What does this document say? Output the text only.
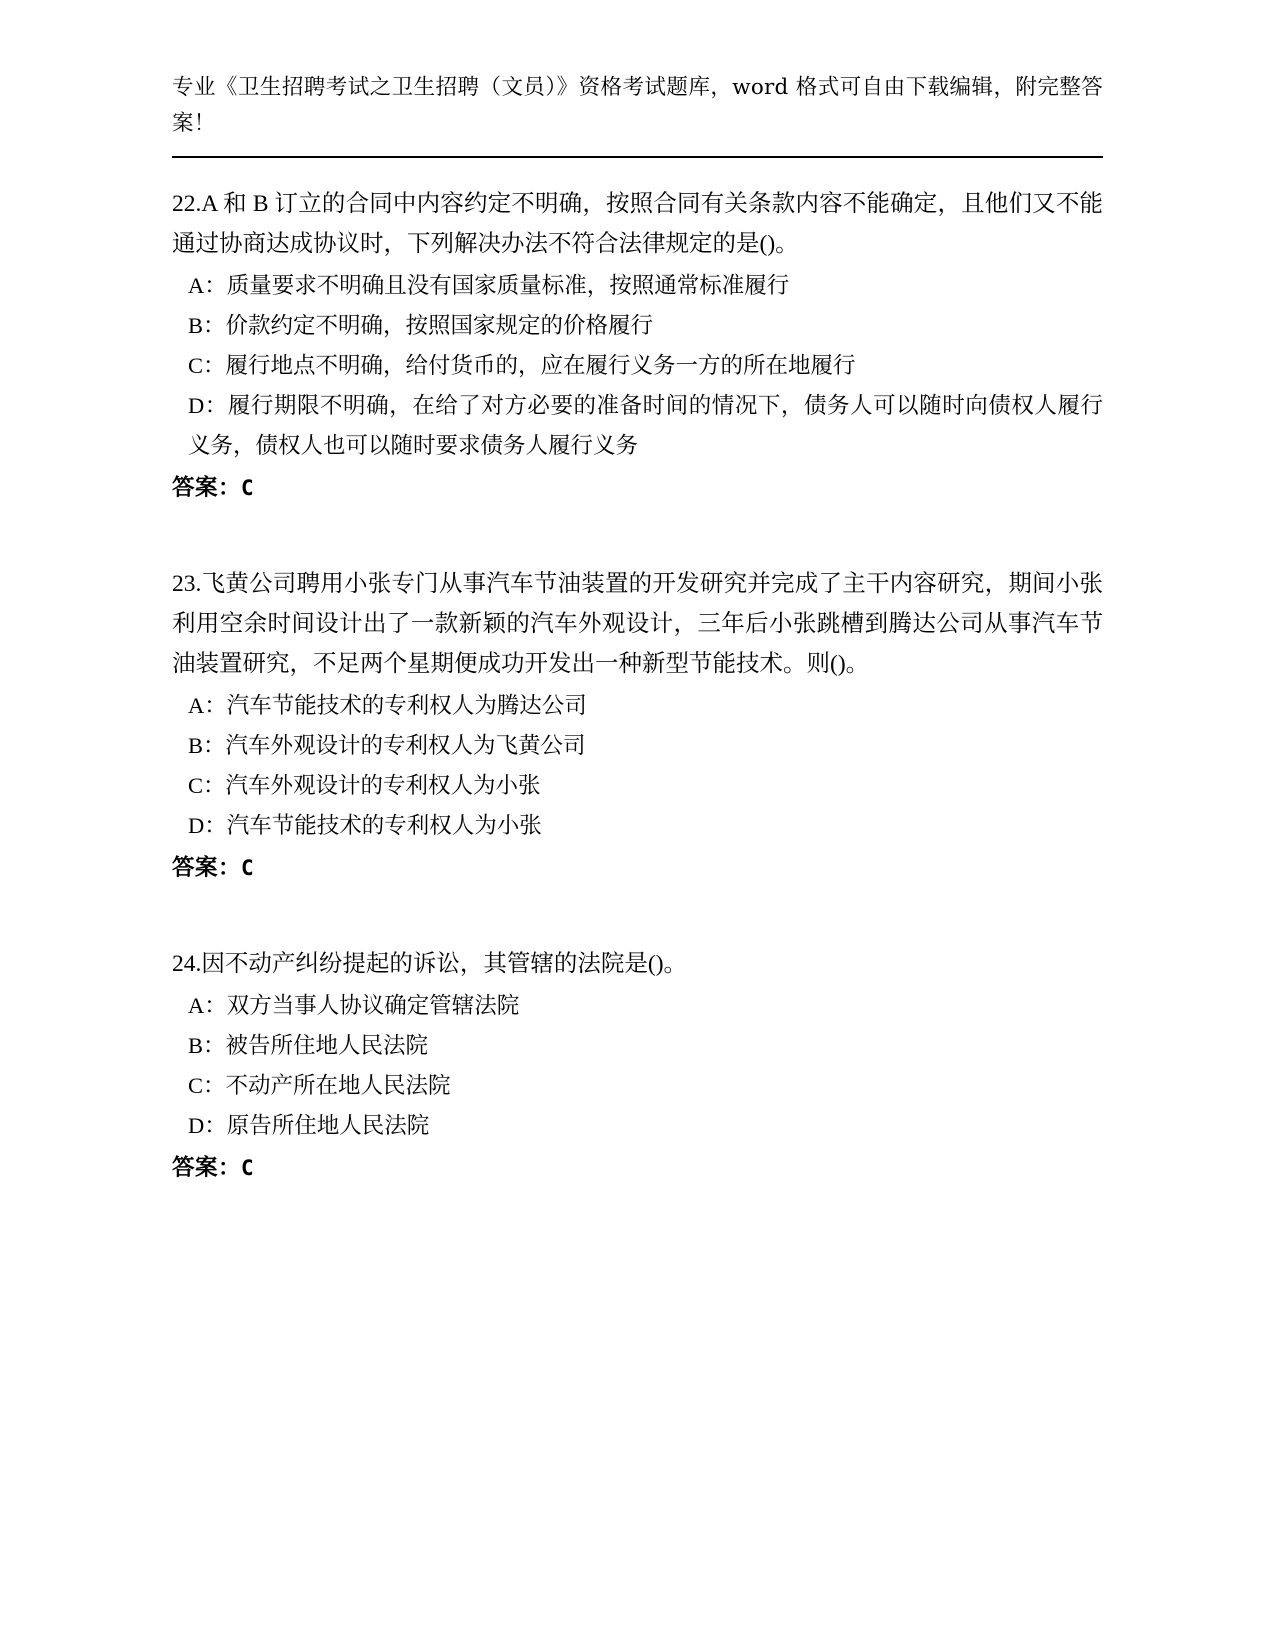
专业《卫生招聘考试之卫生招聘（文员）》资格考试题库，word 格式可自由下载编辑，附完整答案！
22.A 和 B 订立的合同中内容约定不明确，按照合同有关条款内容不能确定，且他们又不能通过协商达成协议时，下列解决办法不符合法律规定的是()。
A：质量要求不明确且没有国家质量标准，按照通常标准履行
B：价款约定不明确，按照国家规定的价格履行
C：履行地点不明确，给付货币的，应在履行义务一方的所在地履行
D：履行期限不明确，在给了对方必要的准备时间的情况下，债务人可以随时向债权人履行义务，债权人也可以随时要求债务人履行义务
答案：C
23.飞黄公司聘用小张专门从事汽车节油装置的开发研究并完成了主干内容研究，期间小张利用空余时间设计出了一款新颖的汽车外观设计，三年后小张跳槽到腾达公司从事汽车节油装置研究，不足两个星期便成功开发出一种新型节能技术。则()。
A：汽车节能技术的专利权人为腾达公司
B：汽车外观设计的专利权人为飞黄公司
C：汽车外观设计的专利权人为小张
D：汽车节能技术的专利权人为小张
答案：C
24.因不动产纠纷提起的诉讼，其管辖的法院是()。
A：双方当事人协议确定管辖法院
B：被告所住地人民法院
C：不动产所在地人民法院
D：原告所住地人民法院
答案：C
